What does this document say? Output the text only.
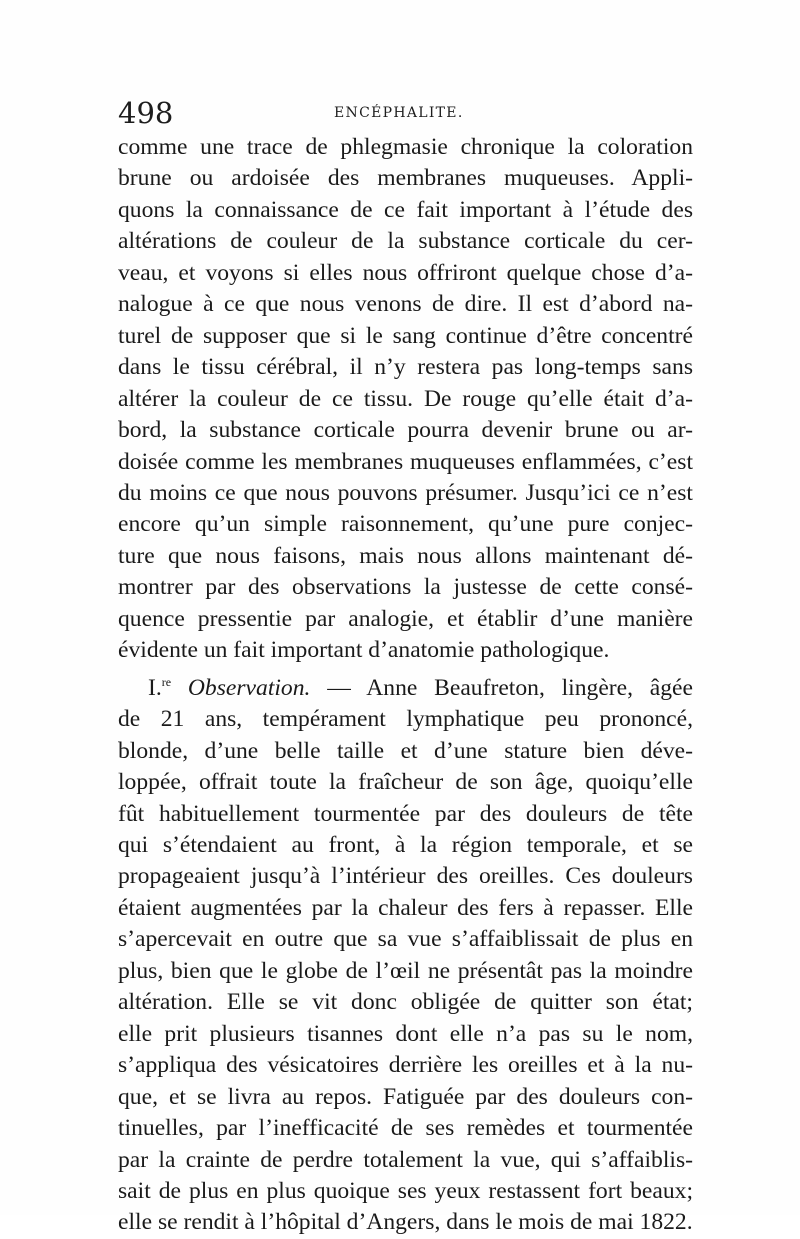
498	ENCÉPHALITE.
comme une trace de phlegmasie chronique la coloration
brune ou ardoisée des membranes muqueuses. Appli-
quons la connaissance de ce fait important à l’étude des
altérations de couleur de la substance corticale du cer-
veau, et voyons si elles nous offriront quelque chose d’a-
nalogue à ce que nous venons de dire. Il est d’abord na-
turel de supposer que si le sang continue d’être concentré
dans le tissu cérébral, il n’y restera pas long-temps sans
altérer la couleur de ce tissu. De rouge qu’elle était d’a-
bord, la substance corticale pourra devenir brune ou ar-
doisée comme les membranes muqueuses enflammées, c’est
du moins ce que nous pouvons présumer. Jusqu’ici ce n’est
encore qu’un simple raisonnement, qu’une pure conjec-
ture que nous faisons, mais nous allons maintenant dé-
montrer par des observations la justesse de cette consé-
quence pressentie par analogie, et établir d’une manière
évidente un fait important d’anatomie pathologique.
I.$^{re}$ Observation. — Anne Beaufreton, lingère, âgée
de 21 ans, tempérament lymphatique peu prononcé,
blonde, d’une belle taille et d’une stature bien déve-
loppée, offrait toute la fraîcheur de son âge, quoiqu’elle
fût habituellement tourmentée par des douleurs de tête
qui s’étendaient au front, à la région temporale, et se
propageaient jusqu’à l’intérieur des oreilles. Ces douleurs
étaient augmentées par la chaleur des fers à repasser. Elle
s’apercevait en outre que sa vue s’affaiblissait de plus en
plus, bien que le globe de l’œil ne présentât pas la moindre
altération. Elle se vit donc obligée de quitter son état;
elle prit plusieurs tisannes dont elle n’a pas su le nom,
s’appliqua des vésicatoires derrière les oreilles et à la nu-
que, et se livra au repos. Fatiguée par des douleurs con-
tinuelles, par l’inefficacité de ses remèdes et tourmentée
par la crainte de perdre totalement la vue, qui s’affaiblis-
sait de plus en plus quoique ses yeux restassent fort beaux;
elle se rendit à l’hôpital d’Angers, dans le mois de mai 1822.
